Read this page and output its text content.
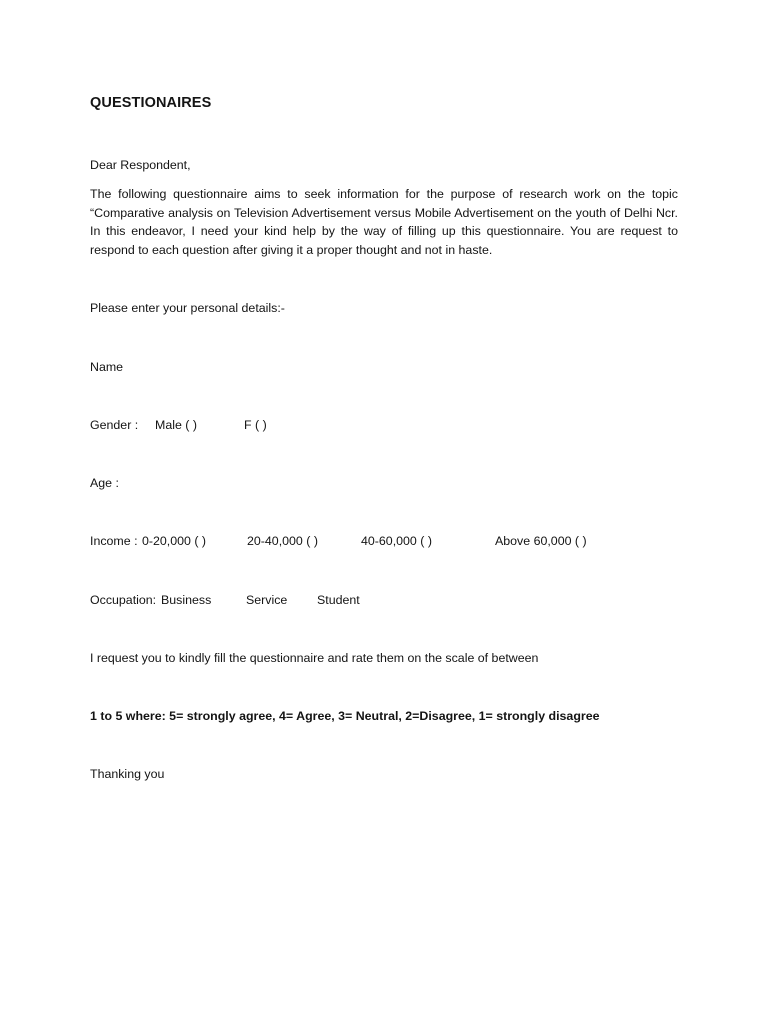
QUESTIONAIRES
Dear Respondent,
The following questionnaire aims to seek information for the purpose of research work on the topic “Comparative analysis on Television Advertisement versus Mobile Advertisement on the youth of Delhi Ncr. In this endeavor, I need your kind help by the way of filling up this questionnaire. You are request to respond to each question after giving it a proper thought and not in haste.
Please enter your personal details:-
Name
Gender : Male ( )	F ( )
Age :
Income : 0-20,000 ( )	20-40,000 ( )	40-60,000 ( )	Above 60,000 ( )
Occupation: Business	Service Student
I request you to kindly fill the questionnaire and rate them on the scale of between
1 to 5 where: 5= strongly agree, 4= Agree, 3= Neutral, 2=Disagree, 1= strongly disagree
Thanking you
